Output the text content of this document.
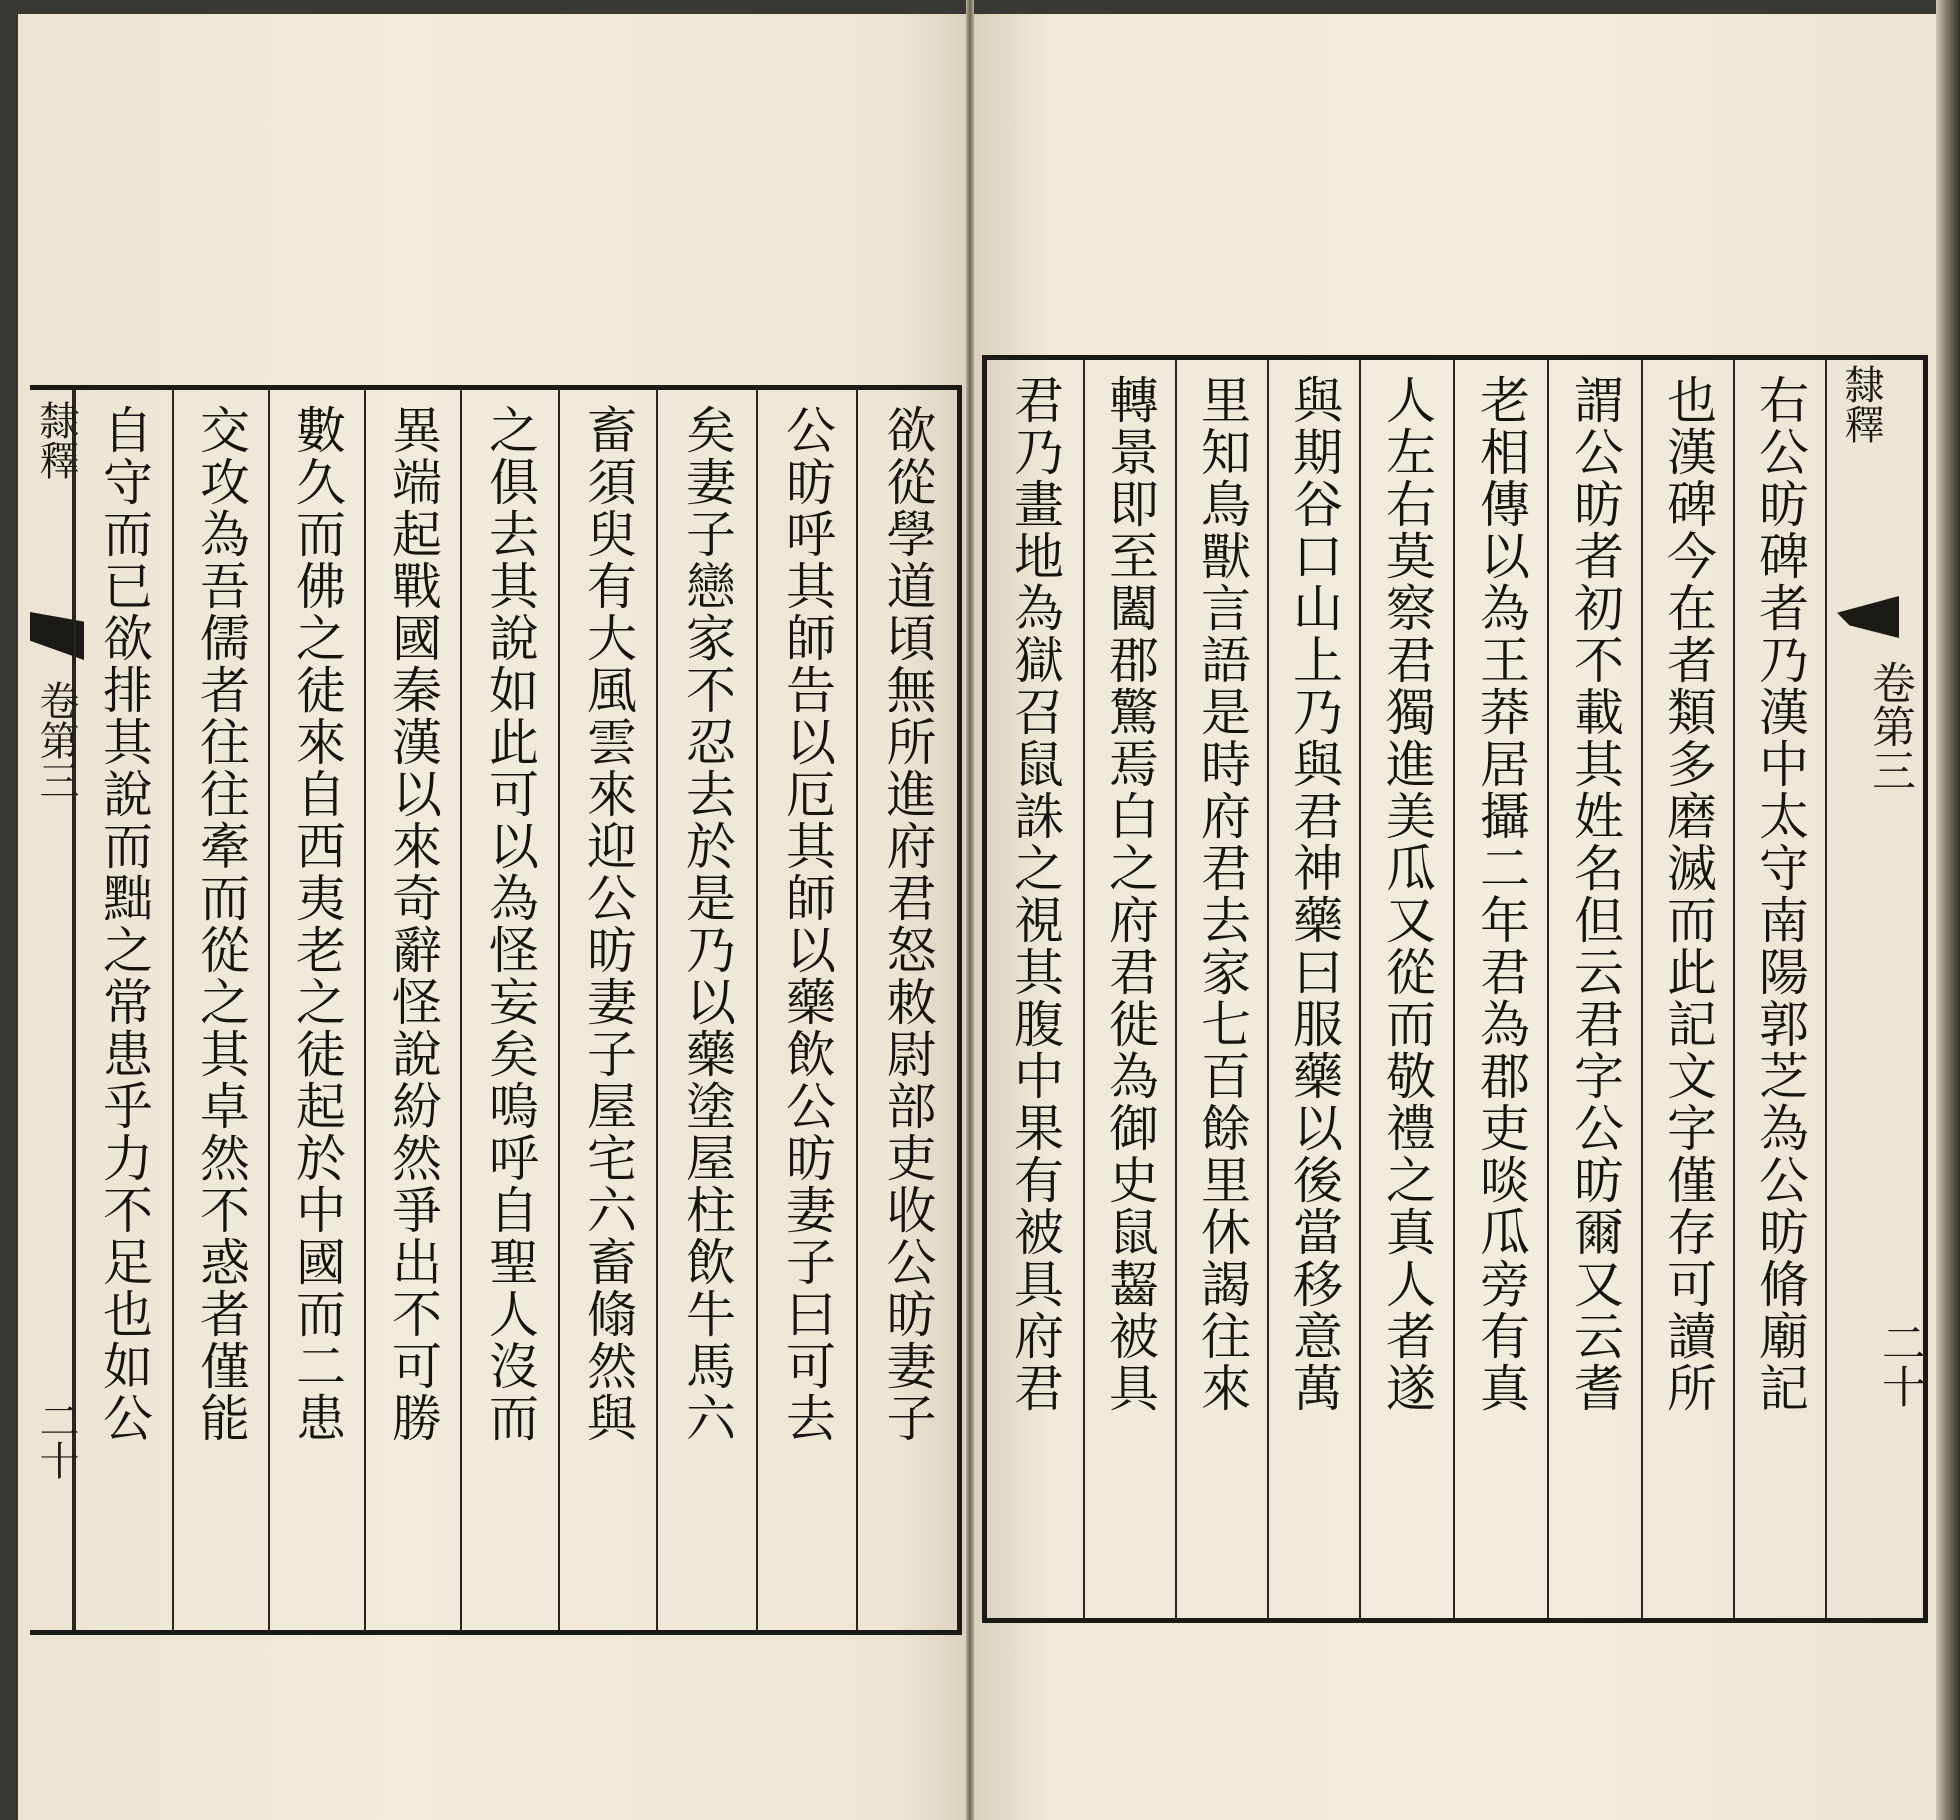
隸釋
卷第三
二十 自守而已欲排其說而黜之常患乎力不足也如公 交攻為吾儒者往往牽而從之其卓然不惑者僅能 數久而佛之徒來自西夷老之徒起於中國而二患 異端起戰國秦漢以來奇辭怪說紛然爭出不可勝 之俱去其說如此可以為怪妄矣嗚呼自聖人沒而 畜須臾有大風雲來迎公昉妻子屋宅六畜翛然與 矣妻子戀家不忍去於是乃以藥塗屋柱飲牛馬六 公昉呼其師告以厄其師以藥飲公昉妻子曰可去 欲從學道頃無所進府君怒敇尉部吏收公昉妻子 君乃畫地為獄召鼠誅之視其腹中果有被具府君 轉景即至闔郡驚焉白之府君徙為御史鼠齧被具 里知鳥獸言語是時府君去家七百餘里休謁往來 與期谷口山上乃與君神藥曰服藥以後當移意萬 人左右莫察君獨進美瓜又從而敬禮之真人者遂 老相傳以為王莽居攝二年君為郡吏啖瓜旁有真 謂公昉者初不載其姓名但云君字公昉爾又云耆 也漢碑今在者類多磨滅而此記文字僅存可讀所 右公昉碑者乃漢中太守南陽郭芝為公昉脩廟記 隸釋
卷第三
二十
